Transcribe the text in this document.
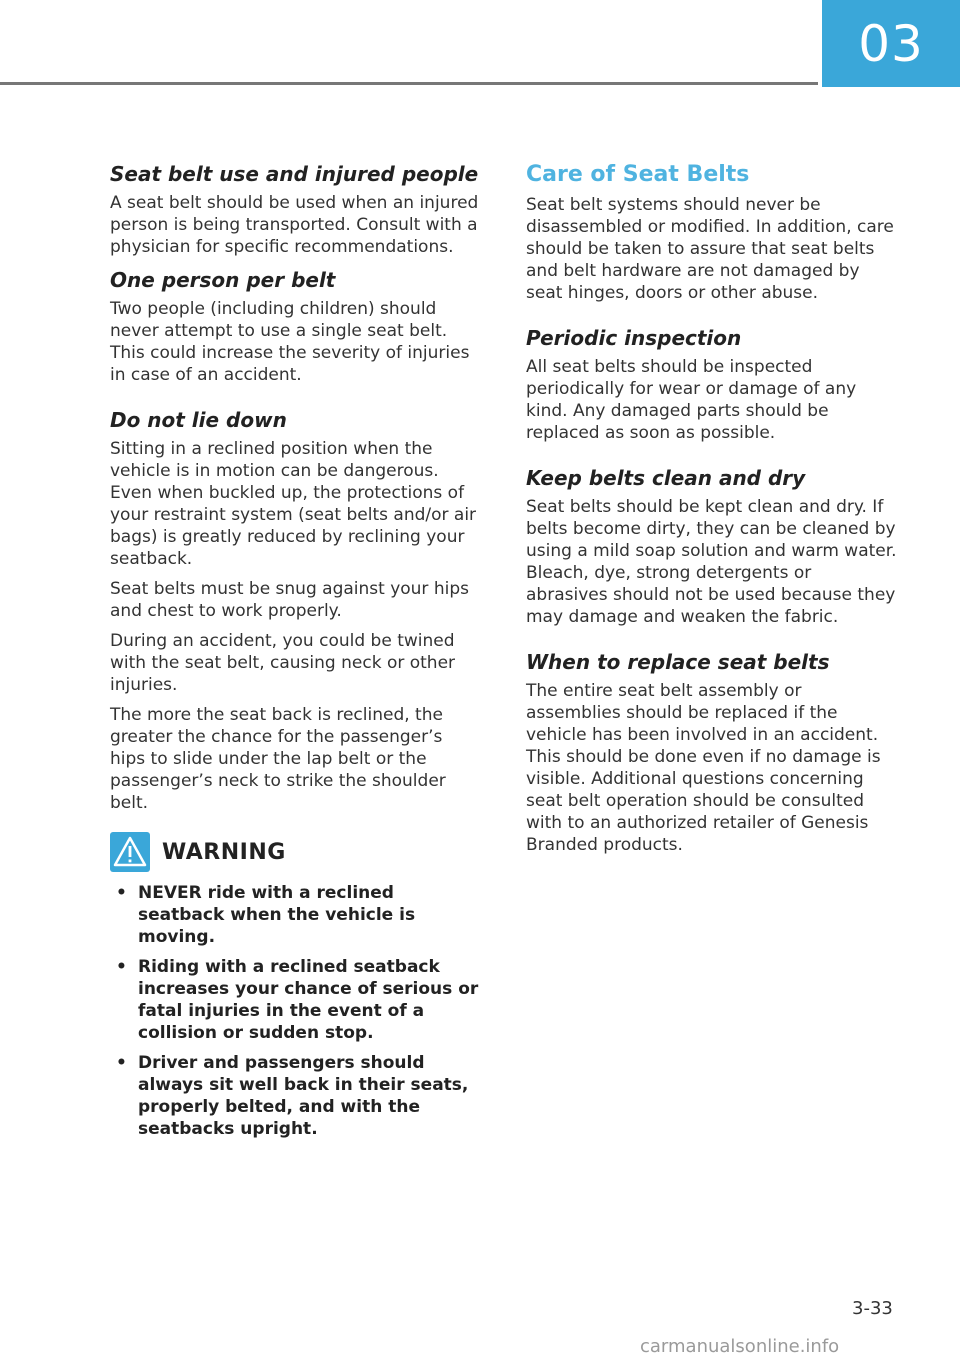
03
Seat belt use and injured people

A seat belt should be used when an injured person is being transported. Consult with a physician for specific recommendations.

One person per belt

Two people (including children) should never attempt to use a single seat belt. This could increase the severity of injuries in case of an accident.

Do not lie down

Sitting in a reclined position when the vehicle is in motion can be dangerous. Even when buckled up, the protections of your restraint system (seat belts and/or air bags) is greatly reduced by reclining your seatback.

Seat belts must be snug against your hips and chest to work properly.

During an accident, you could be twined with the seat belt, causing neck or other injuries.

The more the seat back is reclined, the greater the chance for the passenger’s hips to slide under the lap belt or the passenger’s neck to strike the shoulder belt.

WARNING
• NEVER ride with a reclined seatback when the vehicle is moving.
• Riding with a reclined seatback increases your chance of serious or fatal injuries in the event of a collision or sudden stop.
• Driver and passengers should always sit well back in their seats, properly belted, and with the seatbacks upright.
Care of Seat Belts

Seat belt systems should never be disassembled or modified. In addition, care should be taken to assure that seat belts and belt hardware are not damaged by seat hinges, doors or other abuse.

Periodic inspection

All seat belts should be inspected periodically for wear or damage of any kind. Any damaged parts should be replaced as soon as possible.

Keep belts clean and dry

Seat belts should be kept clean and dry. If belts become dirty, they can be cleaned by using a mild soap solution and warm water. Bleach, dye, strong detergents or abrasives should not be used because they may damage and weaken the fabric.

When to replace seat belts

The entire seat belt assembly or assemblies should be replaced if the vehicle has been involved in an accident. This should be done even if no damage is visible. Additional questions concerning seat belt operation should be consulted with to an authorized retailer of Genesis Branded products.

3-33
carmanualsonline.info
